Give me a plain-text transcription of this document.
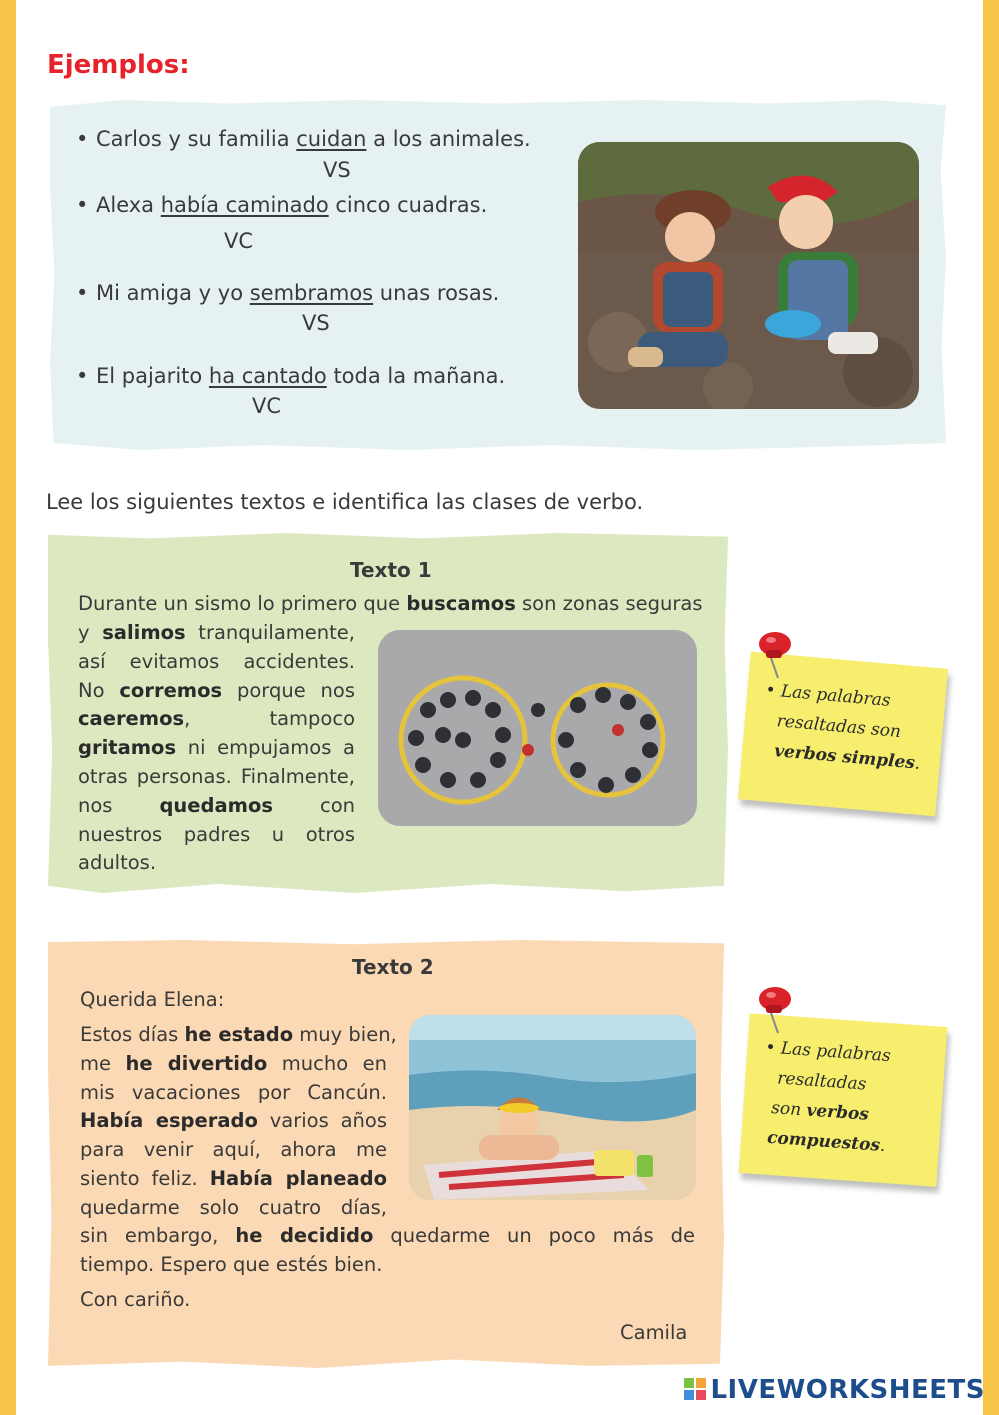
Ejemplos:
• Carlos y su familia cuidan a los animales.
VS
• Alexa había caminado cinco cuadras.
VC
• Mi amiga y yo sembramos unas rosas.
VS
• El pajarito ha cantado toda la mañana.
VC
Lee los siguientes textos e identifica las clases de verbo.
Texto 1
Durante un sismo lo primero que buscamos son zonas seguras
y salimos tranquilamente,
así evitamos accidentes.
No corremos porque nos
caeremos, tampoco
gritamos ni empujamos a
otras personas. Finalmente,
nos quedamos con
nuestros padres u otros
adultos.
• Las palabras
resaltadas son
verbos simples.
Texto 2
Querida Elena:
Estos días he estado muy bien,
me he divertido mucho en
mis vacaciones por Cancún.
Había esperado varios años
para venir aquí, ahora me
siento feliz. Había planeado
quedarme solo cuatro días,
sin embargo, he decidido quedarme un poco más de
tiempo. Espero que estés bien.
Con cariño.
Camila
• Las palabras
resaltadas
son verbos
compuestos.
LIVEWORKSHEETS
